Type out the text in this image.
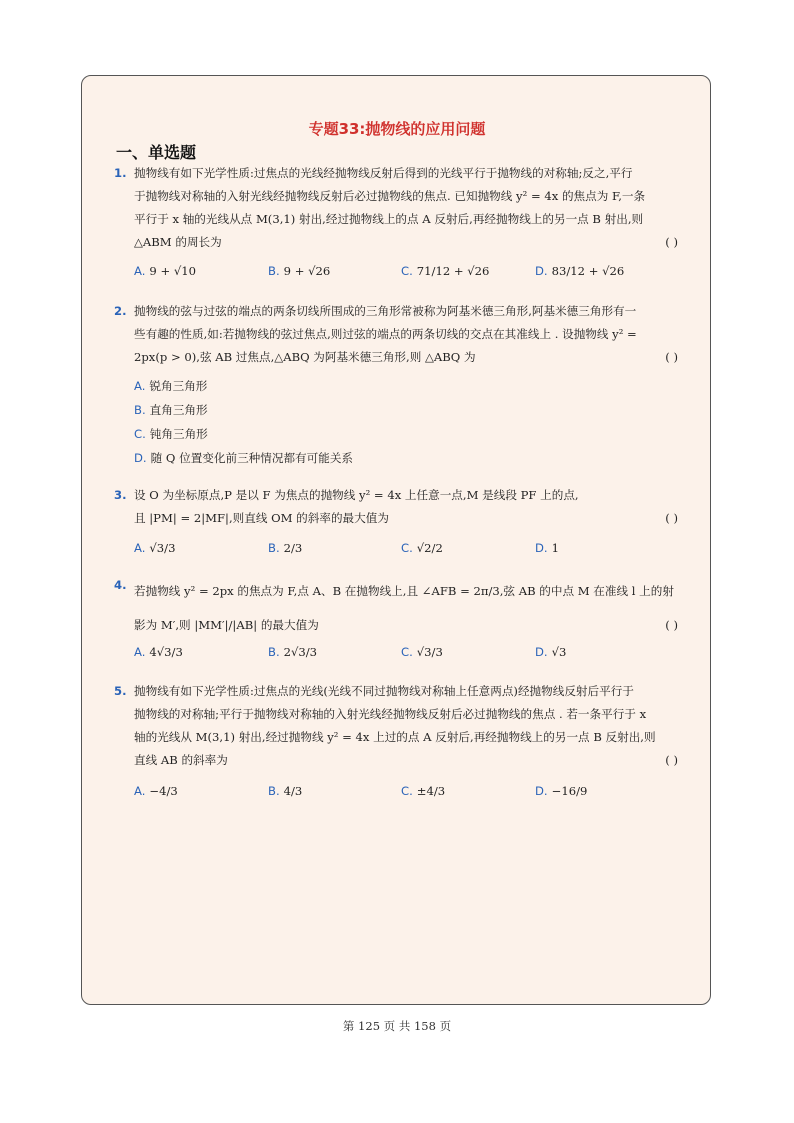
专题33:抛物线的应用问题
一、单选题
1. 抛物线有如下光学性质:过焦点的光线经抛物线反射后得到的光线平行于抛物线的对称轴;反之,平行
于抛物线对称轴的入射光线经抛物线反射后必过抛物线的焦点. 已知抛物线 y² = 4x 的焦点为 F,一条
平行于 x 轴的光线从点 M(3,1) 射出,经过抛物线上的点 A 反射后,再经抛物线上的另一点 B 射出,则
△ABM 的周长为	( )
A. 9 + √10	B. 9 + √26	C. 71/12 + √26	D. 83/12 + √26
2. 抛物线的弦与过弦的端点的两条切线所围成的三角形常被称为阿基米德三角形,阿基米德三角形有一
些有趣的性质,如:若抛物线的弦过焦点,则过弦的端点的两条切线的交点在其准线上 . 设抛物线 y² =
2px(p > 0),弦 AB 过焦点,△ABQ 为阿基米德三角形,则 △ABQ 为	( )
A. 锐角三角形
B. 直角三角形
C. 钝角三角形
D. 随 Q 位置变化前三种情况都有可能关系
3. 设 O 为坐标原点,P 是以 F 为焦点的抛物线 y² = 4x 上任意一点,M 是线段 PF 上的点,
且 |PM| = 2|MF|,则直线 OM 的斜率的最大值为	( )
A. √3/3	B. 2/3	C. √2/2	D. 1
4. 若抛物线 y² = 2px 的焦点为 F,点 A、B 在抛物线上,且 ∠AFB = 2π/3,弦 AB 的中点 M 在准线 l 上的射
影为 M′,则 |MM′|/|AB| 的最大值为	( )
A. 4√3/3	B. 2√3/3	C. √3/3	D. √3
5. 抛物线有如下光学性质:过焦点的光线(光线不同过抛物线对称轴上任意两点)经抛物线反射后平行于
抛物线的对称轴;平行于抛物线对称轴的入射光线经抛物线反射后必过抛物线的焦点 . 若一条平行于 x
轴的光线从 M(3,1) 射出,经过抛物线 y² = 4x 上过的点 A 反射后,再经抛物线上的另一点 B 反射出,则
直线 AB 的斜率为	( )
A. −4/3	B. 4/3	C. ±4/3	D. −16/9
第 125 页 共 158 页
